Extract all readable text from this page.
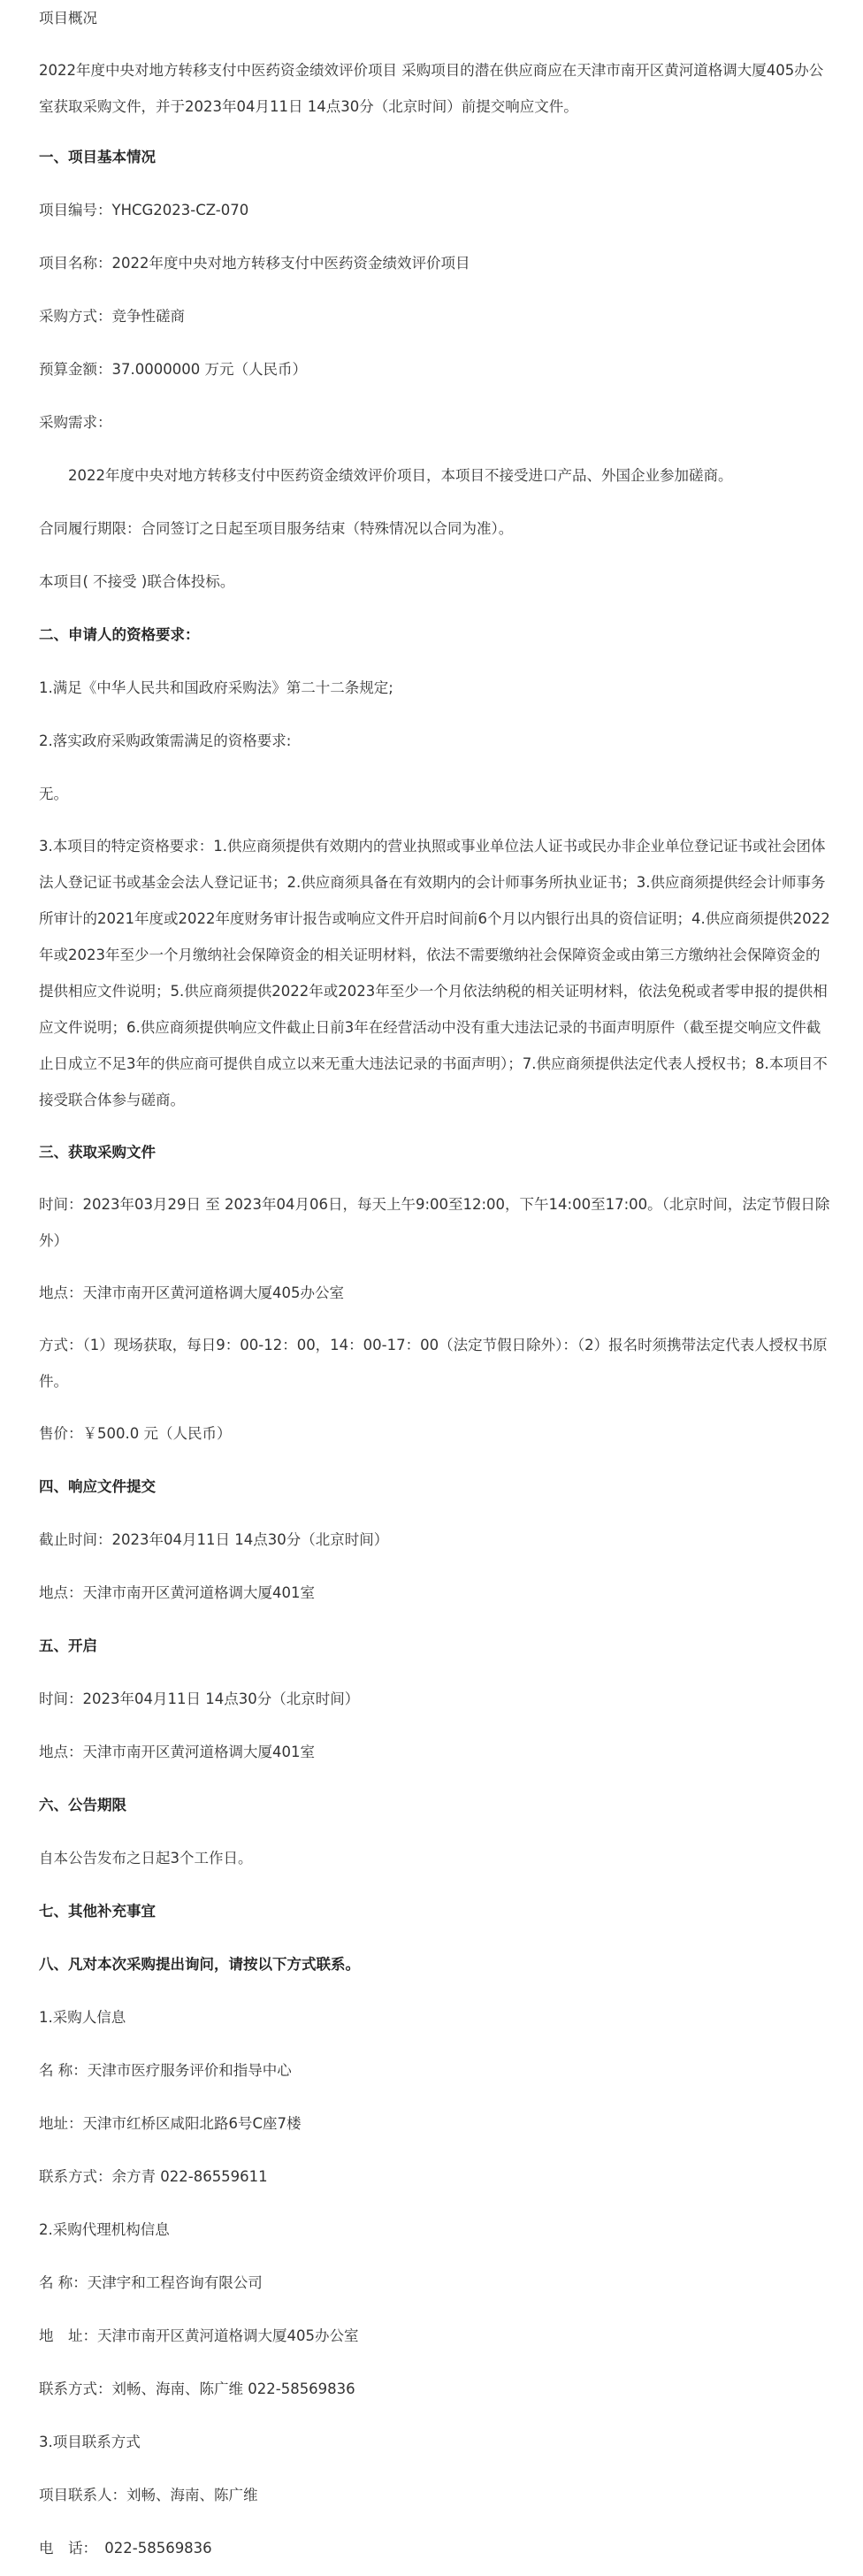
项目概况

2022年度中央对地方转移支付中医药资金绩效评价项目 采购项目的潜在供应商应在天津市南开区黄河道格调大厦405办公室获取采购文件，并于2023年04月11日 14点30分（北京时间）前提交响应文件。

一、项目基本情况

项目编号：YHCG2023-CZ-070

项目名称：2022年度中央对地方转移支付中医药资金绩效评价项目

采购方式：竞争性磋商

预算金额：37.0000000 万元（人民币）

采购需求：

2022年度中央对地方转移支付中医药资金绩效评价项目，本项目不接受进口产品、外国企业参加磋商。

合同履行期限：合同签订之日起至项目服务结束（特殊情况以合同为准）。

本项目( 不接受 )联合体投标。

二、申请人的资格要求：

1.满足《中华人民共和国政府采购法》第二十二条规定;

2.落实政府采购政策需满足的资格要求:

无。

3.本项目的特定资格要求：1.供应商须提供有效期内的营业执照或事业单位法人证书或民办非企业单位登记证书或社会团体法人登记证书或基金会法人登记证书；2.供应商须具备在有效期内的会计师事务所执业证书；3.供应商须提供经会计师事务所审计的2021年度或2022年度财务审计报告或响应文件开启时间前6个月以内银行出具的资信证明；4.供应商须提供2022年或2023年至少一个月缴纳社会保障资金的相关证明材料，依法不需要缴纳社会保障资金或由第三方缴纳社会保障资金的提供相应文件说明；5.供应商须提供2022年或2023年至少一个月依法纳税的相关证明材料，依法免税或者零申报的提供相应文件说明；6.供应商须提供响应文件截止日前3年在经营活动中没有重大违法记录的书面声明原件（截至提交响应文件截止日成立不足3年的供应商可提供自成立以来无重大违法记录的书面声明）；7.供应商须提供法定代表人授权书；8.本项目不接受联合体参与磋商。

三、获取采购文件

时间：2023年03月29日 至 2023年04月06日，每天上午9:00至12:00，下午14:00至17:00。（北京时间，法定节假日除外）

地点：天津市南开区黄河道格调大厦405办公室

方式：（1）现场获取，每日9：00-12：00，14：00-17：00（法定节假日除外）：（2）报名时须携带法定代表人授权书原件。

售价：￥500.0 元（人民币）

四、响应文件提交

截止时间：2023年04月11日 14点30分（北京时间）

地点：天津市南开区黄河道格调大厦401室

五、开启

时间：2023年04月11日 14点30分（北京时间）

地点：天津市南开区黄河道格调大厦401室

六、公告期限

自本公告发布之日起3个工作日。

七、其他补充事宜

八、凡对本次采购提出询问，请按以下方式联系。

1.采购人信息

名 称：天津市医疗服务评价和指导中心

地址：天津市红桥区咸阳北路6号C座7楼

联系方式：余方青 022-86559611

2.采购代理机构信息

名 称：天津宇和工程咨询有限公司

地　址：天津市南开区黄河道格调大厦405办公室

联系方式：刘畅、海南、陈广维 022-58569836

3.项目联系方式

项目联系人：刘畅、海南、陈广维

电　话：　022-58569836
